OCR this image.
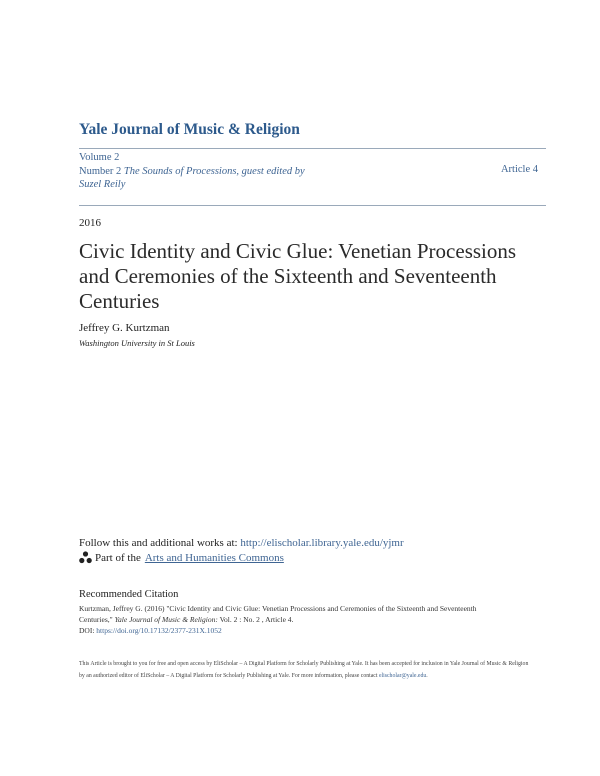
Yale Journal of Music & Religion
Volume 2
Number 2 The Sounds of Processions, guest edited by
Suzel Reily
Article 4
2016
Civic Identity and Civic Glue: Venetian Processions and Ceremonies of the Sixteenth and Seventeenth Centuries
Jeffrey G. Kurtzman
Washington University in St Louis
Follow this and additional works at: http://elischolar.library.yale.edu/yjmr
Part of the Arts and Humanities Commons
Recommended Citation
Kurtzman, Jeffrey G. (2016) "Civic Identity and Civic Glue: Venetian Processions and Ceremonies of the Sixteenth and Seventeenth
Centuries," Yale Journal of Music & Religion: Vol. 2 : No. 2 , Article 4.
DOI: https://doi.org/10.17132/2377-231X.1052
This Article is brought to you for free and open access by EliScholar – A Digital Platform for Scholarly Publishing at Yale. It has been accepted for inclusion in Yale Journal of Music & Religion by an authorized editor of EliScholar – A Digital Platform for Scholarly Publishing at Yale. For more information, please contact elischolar@yale.edu.
